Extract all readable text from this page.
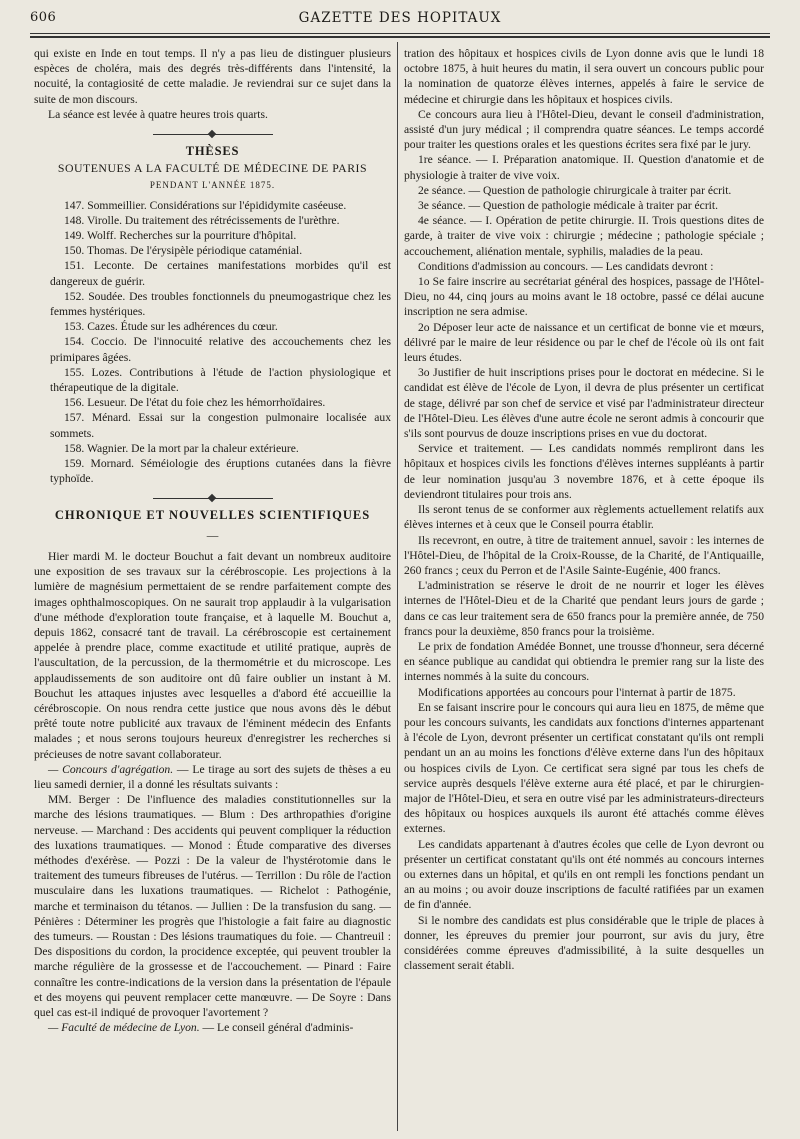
606	GAZETTE DES HOPITAUX

qui existe en Inde en tout temps. Il n'y a pas lieu de distinguer plusieurs espèces de choléra, mais des degrés très-différents dans l'intensité, la nocuité, la contagiosité de cette maladie. Je reviendrai sur ce sujet dans la suite de mon discours.

La séance est levée à quatre heures trois quarts.

THÈSES
SOUTENUES A LA FACULTÉ DE MÉDECINE DE PARIS
PENDANT L'ANNÉE 1875.

147. Sommeillier. Considérations sur l'épididymite caséeuse.

148. Virolle. Du traitement des rétrécissements de l'urèthre.

149. Wolff. Recherches sur la pourriture d'hôpital.

150. Thomas. De l'érysipèle périodique cataménial.

151. Leconte. De certaines manifestations morbides qu'il est dangereux de guérir.

152. Soudée. Des troubles fonctionnels du pneumogastrique chez les femmes hystériques.

153. Cazes. Étude sur les adhérences du cœur.

154. Coccio. De l'innocuité relative des accouchements chez les primipares âgées.

155. Lozes. Contributions à l'étude de l'action physiologique et thérapeutique de la digitale.

156. Lesueur. De l'état du foie chez les hémorrhoïdaires.

157. Ménard. Essai sur la congestion pulmonaire localisée aux sommets.

158. Wagnier. De la mort par la chaleur extérieure.

159. Mornard. Séméiologie des éruptions cutanées dans la fièvre typhoïde.

CHRONIQUE ET NOUVELLES SCIENTIFIQUES
—

Hier mardi M. le docteur Bouchut a fait devant un nombreux auditoire une exposition de ses travaux sur la cérébroscopie. Les projections à la lumière de magnésium permettaient de se rendre parfaitement compte des images ophthalmoscopiques. On ne saurait trop applaudir à la vulgarisation d'une méthode d'exploration toute française, et à laquelle M. Bouchut a, depuis 1862, consacré tant de travail. La cérébroscopie est certainement appelée à prendre place, comme exactitude et utilité pratique, auprès de l'auscultation, de la percussion, de la thermométrie et du microscope. Les applaudissements de son auditoire ont dû faire oublier un instant à M. Bouchut les attaques injustes avec lesquelles a d'abord été accueillie la cérébroscopie. On nous rendra cette justice que nous avons dès le début prêté toute notre publicité aux travaux de l'éminent médecin des Enfants malades ; et nous serons toujours heureux d'enregistrer les recherches si précieuses de notre savant collaborateur.

— Concours d'agrégation. — Le tirage au sort des sujets de thèses a eu lieu samedi dernier, il a donné les résultats suivants :

MM. Berger : De l'influence des maladies constitutionnelles sur la marche des lésions traumatiques. — Blum : Des arthropathies d'origine nerveuse. — Marchand : Des accidents qui peuvent compliquer la réduction des luxations traumatiques. — Monod : Étude comparative des diverses méthodes d'exérèse. — Pozzi : De la valeur de l'hystérotomie dans le traitement des tumeurs fibreuses de l'utérus. — Terrillon : Du rôle de l'action musculaire dans les luxations traumatiques. — Richelot : Pathogénie, marche et terminaison du tétanos. — Jullien : De la transfusion du sang. — Pénières : Déterminer les progrès que l'histologie a fait faire au diagnostic des tumeurs. — Roustan : Des lésions traumatiques du foie. — Chantreuil : Des dispositions du cordon, la procidence exceptée, qui peuvent troubler la marche régulière de la grossesse et de l'accouchement. — Pinard : Faire connaître les contre-indications de la version dans la présentation de l'épaule et des moyens qui peuvent remplacer cette manœuvre. — De Soyre : Dans quel cas est-il indiqué de provoquer l'avortement ?

— Faculté de médecine de Lyon. — Le conseil général d'adminis-

tration des hôpitaux et hospices civils de Lyon donne avis que le lundi 18 octobre 1875, à huit heures du matin, il sera ouvert un concours public pour la nomination de quatorze élèves internes, appelés à faire le service de médecine et chirurgie dans les hôpitaux et hospices civils.

Ce concours aura lieu à l'Hôtel-Dieu, devant le conseil d'administration, assisté d'un jury médical ; il comprendra quatre séances. Le temps accordé pour traiter les questions orales et les questions écrites sera fixé par le jury.

1re séance. — I. Préparation anatomique. II. Question d'anatomie et de physiologie à traiter de vive voix.

2e séance. — Question de pathologie chirurgicale à traiter par écrit.

3e séance. — Question de pathologie médicale à traiter par écrit.

4e séance. — I. Opération de petite chirurgie. II. Trois questions dites de garde, à traiter de vive voix : chirurgie ; médecine ; pathologie spéciale ; accouchement, aliénation mentale, syphilis, maladies de la peau.

Conditions d'admission au concours. — Les candidats devront :

1o Se faire inscrire au secrétariat général des hospices, passage de l'Hôtel-Dieu, no 44, cinq jours au moins avant le 18 octobre, passé ce délai aucune inscription ne sera admise.

2o Déposer leur acte de naissance et un certificat de bonne vie et mœurs, délivré par le maire de leur résidence ou par le chef de l'école où ils ont fait leurs études.

3o Justifier de huit inscriptions prises pour le doctorat en médecine. Si le candidat est élève de l'école de Lyon, il devra de plus présenter un certificat de stage, délivré par son chef de service et visé par l'administrateur directeur de l'Hôtel-Dieu. Les élèves d'une autre école ne seront admis à concourir que s'ils sont pourvus de douze inscriptions prises en vue du doctorat.

Service et traitement. — Les candidats nommés rempliront dans les hôpitaux et hospices civils les fonctions d'élèves internes suppléants à partir de leur nomination jusqu'au 3 novembre 1876, et à cette époque ils deviendront titulaires pour trois ans.

Ils seront tenus de se conformer aux règlements actuellement relatifs aux élèves internes et à ceux que le Conseil pourra établir.

Ils recevront, en outre, à titre de traitement annuel, savoir : les internes de l'Hôtel-Dieu, de l'hôpital de la Croix-Rousse, de la Charité, de l'Antiquaille, 260 francs ; ceux du Perron et de l'Asile Sainte-Eugénie, 400 francs.

L'administration se réserve le droit de ne nourrir et loger les élèves internes de l'Hôtel-Dieu et de la Charité que pendant leurs jours de garde ; dans ce cas leur traitement sera de 650 francs pour la première année, de 750 francs pour la deuxième, 850 francs pour la troisième.

Le prix de fondation Amédée Bonnet, une trousse d'honneur, sera décerné en séance publique au candidat qui obtiendra le premier rang sur la liste des internes nommés à la suite du concours.

Modifications apportées au concours pour l'internat à partir de 1875.

En se faisant inscrire pour le concours qui aura lieu en 1875, de même que pour les concours suivants, les candidats aux fonctions d'internes appartenant à l'école de Lyon, devront présenter un certificat constatant qu'ils ont rempli pendant un an au moins les fonctions d'élève externe dans l'un des hôpitaux ou hospices civils de Lyon. Ce certificat sera signé par tous les chefs de service auprès desquels l'élève externe aura été placé, et par le chirurgien-major de l'Hôtel-Dieu, et sera en outre visé par les administrateurs-directeurs des hôpitaux ou hospices auxquels ils auront été attachés comme élèves externes.

Les candidats appartenant à d'autres écoles que celle de Lyon devront ou présenter un certificat constatant qu'ils ont été nommés au concours internes ou externes dans un hôpital, et qu'ils en ont rempli les fonctions pendant un an au moins ; ou avoir douze inscriptions de faculté ratifiées par un examen de fin d'année.

Si le nombre des candidats est plus considérable que le triple de places à donner, les épreuves du premier jour pourront, sur avis du jury, être considérées comme épreuves d'admissibilité, à la suite desquelles un classement serait établi.
